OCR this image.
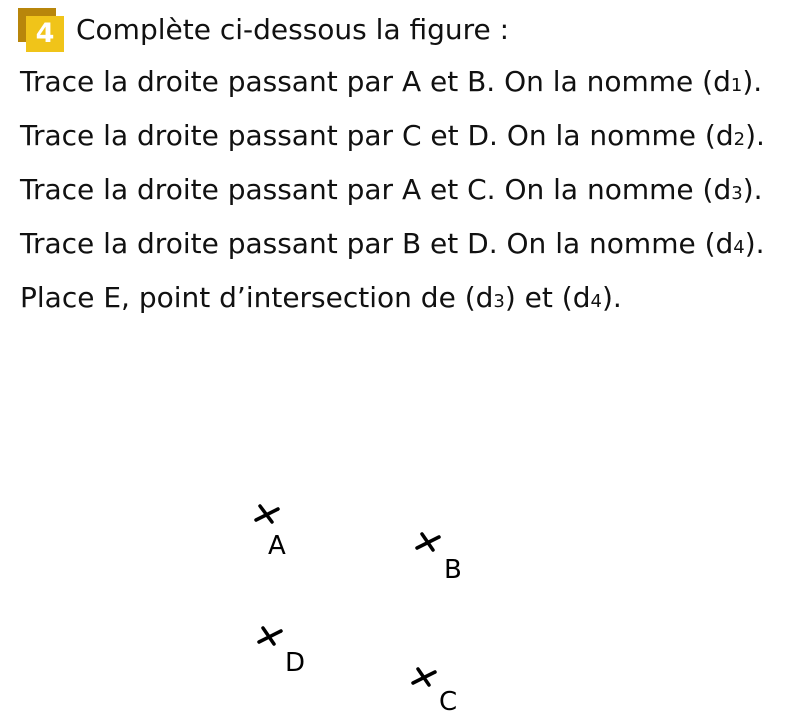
4 Complète ci-dessous la figure :

Trace la droite passant par A et B. On la nomme (d1).

Trace la droite passant par C et D. On la nomme (d2).

Trace la droite passant par A et C. On la nomme (d3).

Trace la droite passant par B et D. On la nomme (d4).

Place E, point d’intersection de (d3) et (d4).

A
B
D
C
